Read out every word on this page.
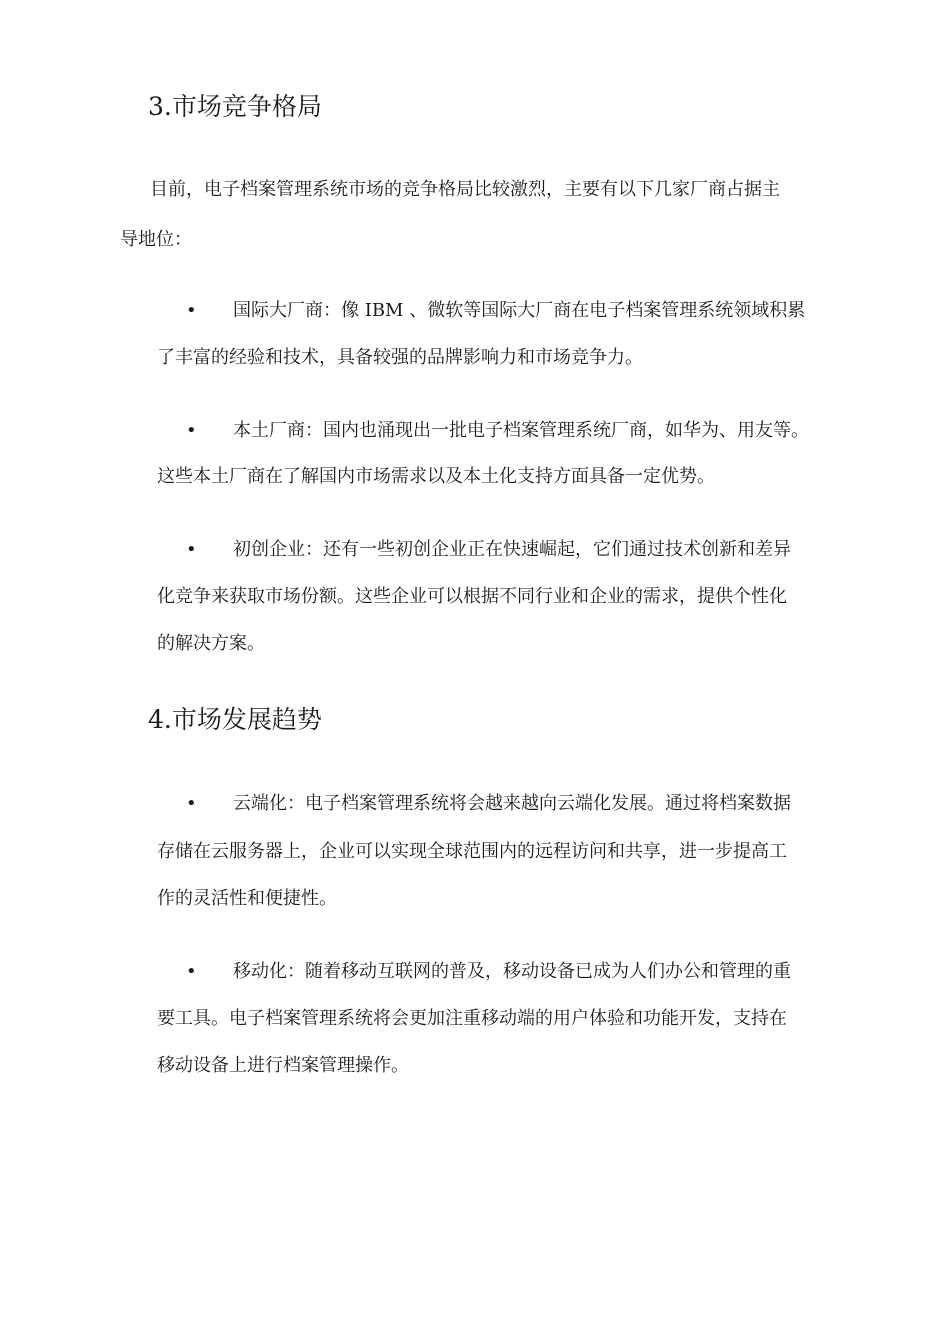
3.市场竞争格局

目前，电子档案管理系统市场的竞争格局比较激烈，主要有以下几家厂商占据主

导地位：

• 国际大厂商：像 IBM 、微软等国际大厂商在电子档案管理系统领域积累

了丰富的经验和技术，具备较强的品牌影响力和市场竞争力。

• 本土厂商：国内也涌现出一批电子档案管理系统厂商，如华为、用友等。

这些本土厂商在了解国内市场需求以及本土化支持方面具备一定优势。

• 初创企业：还有一些初创企业正在快速崛起，它们通过技术创新和差异

化竞争来获取市场份额。这些企业可以根据不同行业和企业的需求，提供个性化

的解决方案。

4.市场发展趋势
• 云端化：电子档案管理系统将会越来越向云端化发展。通过将档案数据

存储在云服务器上，企业可以实现全球范围内的远程访问和共享，进一步提高工

作的灵活性和便捷性。

• 移动化：随着移动互联网的普及，移动设备已成为人们办公和管理的重

要工具。电子档案管理系统将会更加注重移动端的用户体验和功能开发，支持在

移动设备上进行档案管理操作。
